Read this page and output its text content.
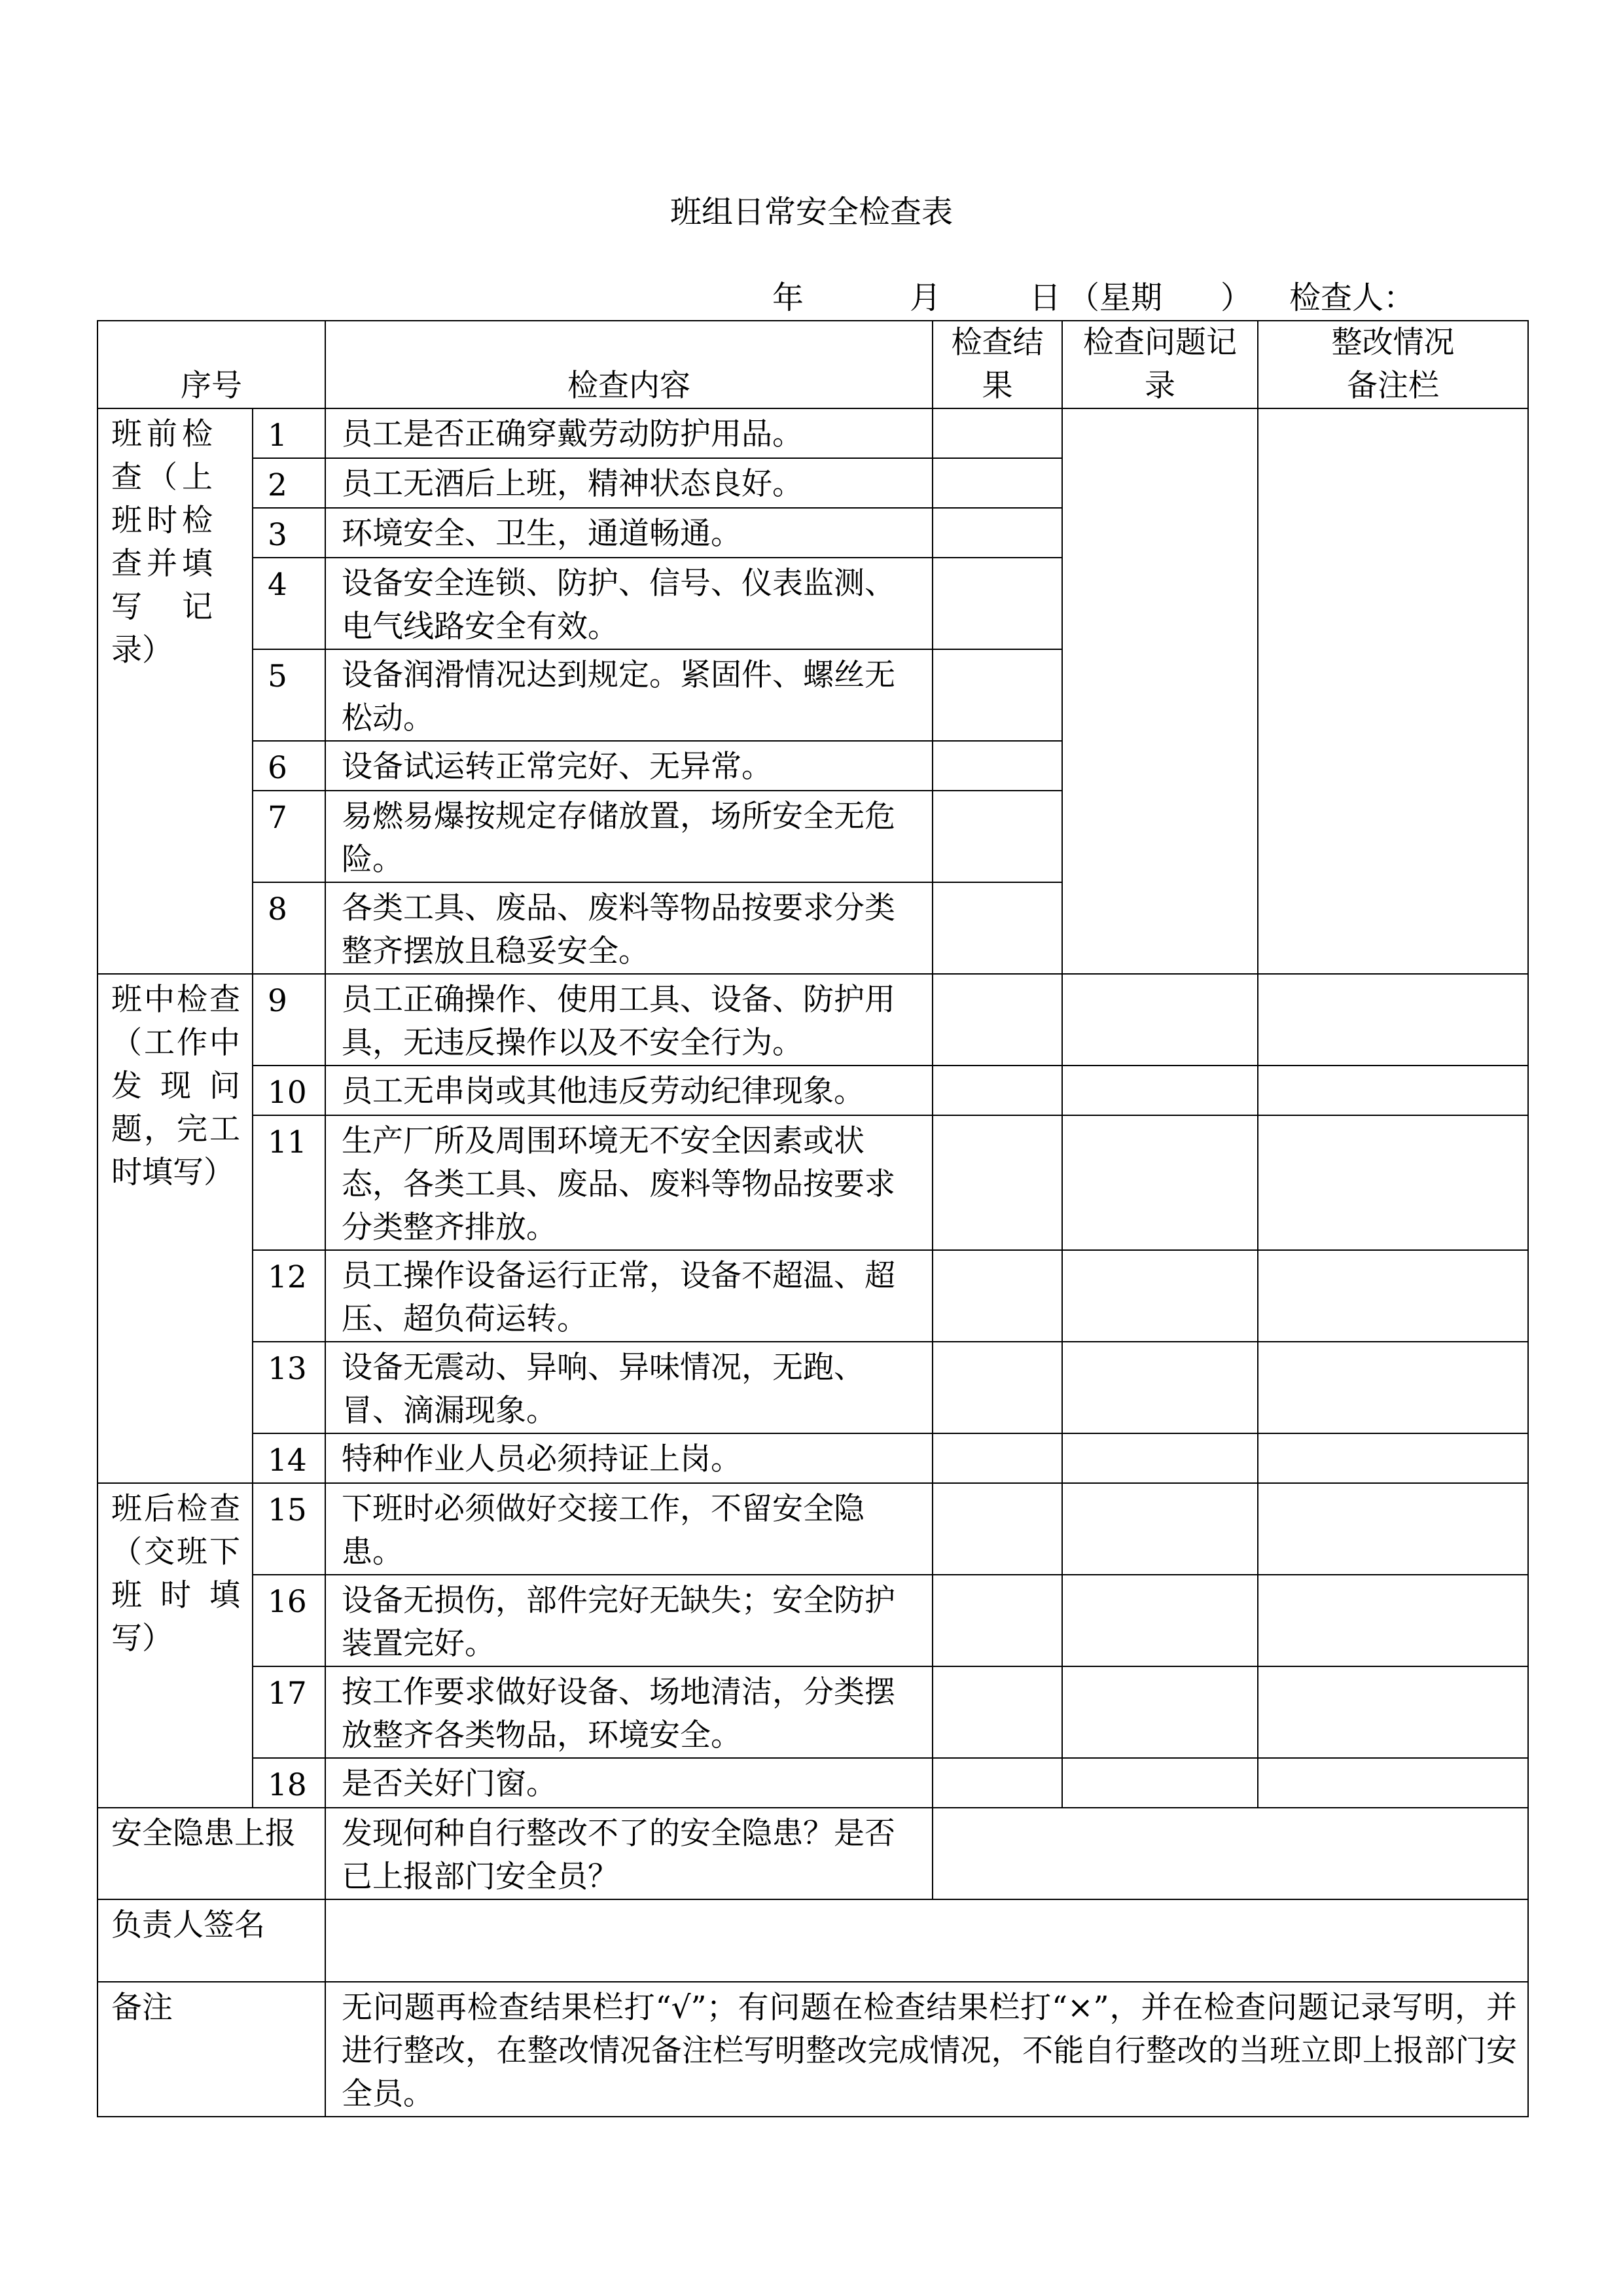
班组日常安全检查表
年	月	日 （星期 ） 检查人：
序号		检查内容	检查结果	检查问题记录	整改情况备注栏
班前检查（上班时检查并填写记录）	1	员工是否正确穿戴劳动防护用品。			
	2	员工无酒后上班，精神状态良好。			
	3	环境安全、卫生，通道畅通。			
	4	设备安全连锁、防护、信号、仪表监测、电气线路安全有效。			
	5	设备润滑情况达到规定。紧固件、螺丝无松动。			
	6	设备试运转正常完好、无异常。			
	7	易燃易爆按规定存储放置，场所安全无危险。			
	8	各类工具、废品、废料等物品按要求分类整齐摆放且稳妥安全。			
班中检查（工作中发现问题，完工时填写）	9	员工正确操作、使用工具、设备、防护用具，无违反操作以及不安全行为。			
	10	员工无串岗或其他违反劳动纪律现象。			
	11	生产厂所及周围环境无不安全因素或状态，各类工具、废品、废料等物品按要求分类整齐排放。			
	12	员工操作设备运行正常，设备不超温、超压、超负荷运转。			
	13	设备无震动、异响、异味情况，无跑、冒、滴漏现象。			
	14	特种作业人员必须持证上岗。			
班后检查（交班下班时填写）	15	下班时必须做好交接工作，不留安全隐患。			
	16	设备无损伤，部件完好无缺失；安全防护装置完好。			
	17	按工作要求做好设备、场地清洁，分类摆放整齐各类物品，环境安全。			
	18	是否关好门窗。			
安全隐患上报		发现何种自行整改不了的安全隐患？是否已上报部门安全员？			
负责人签名					
备注		无问题再检查结果栏打“√”；有问题在检查结果栏打“×”，并在检查问题记录写明，并进行整改，在整改情况备注栏写明整改完成情况，不能自行整改的当班立即上报部门安全员。			
